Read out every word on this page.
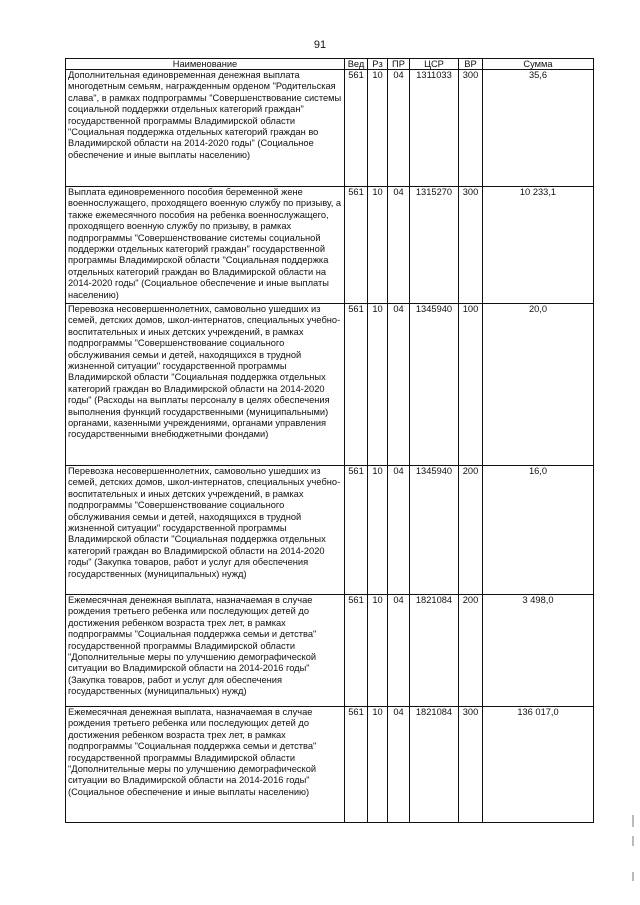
91
Наименование	Вед	Рз	ПР	ЦСР	ВР	Сумма
Дополнительная единовременная денежная выплата многодетным семьям, награжденным орденом "Родительская слава", в рамках подпрограммы "Совершенствование системы социальной поддержки отдельных категорий граждан" государственной программы Владимирской области "Социальная поддержка отдельных категорий граждан во Владимирской области на 2014-2020 годы" (Социальное обеспечение и иные выплаты населению)	561	10	04	1311033	300	35,6
Выплата единовременного пособия беременной жене военнослужащего, проходящего военную службу по призыву, а также ежемесячного пособия на ребенка военнослужащего, проходящего военную службу по призыву, в рамках подпрограммы "Совершенствование системы социальной поддержки отдельных категорий граждан" государственной программы Владимирской области "Социальная поддержка отдельных категорий граждан во Владимирской области на 2014-2020 годы" (Социальное обеспечение и иные выплаты населению)	561	10	04	1315270	300	10 233,1
Перевозка несовершеннолетних, самовольно ушедших из семей, детских домов, школ-интернатов, специальных учебно-воспитательных и иных детских учреждений, в рамках подпрограммы "Совершенствование социального обслуживания семьи и детей, находящихся в трудной жизненной ситуации" государственной программы Владимирской области "Социальная поддержка отдельных категорий граждан во Владимирской области на 2014-2020 годы" (Расходы на выплаты персоналу в целях обеспечения выполнения функций государственными (муниципальными) органами, казенными учреждениями, органами управления государственными внебюджетными фондами)	561	10	04	1345940	100	20,0
Перевозка несовершеннолетних, самовольно ушедших из семей, детских домов, школ-интернатов, специальных учебно-воспитательных и иных детских учреждений, в рамках подпрограммы "Совершенствование социального обслуживания семьи и детей, находящихся в трудной жизненной ситуации" государственной программы Владимирской области "Социальная поддержка отдельных категорий граждан во Владимирской области на 2014-2020 годы" (Закупка товаров, работ и услуг для обеспечения государственных (муниципальных) нужд)	561	10	04	1345940	200	16,0
Ежемесячная денежная выплата, назначаемая в случае рождения третьего ребенка или последующих детей до достижения ребенком возраста трех лет, в рамках подпрограммы "Социальная поддержка семьи и детства" государственной программы Владимирской области "Дополнительные меры по улучшению демографической ситуации во Владимирской области на 2014-2016 годы" (Закупка товаров, работ и услуг для обеспечения государственных (муниципальных) нужд)	561	10	04	1821084	200	3 498,0
Ежемесячная денежная выплата, назначаемая в случае рождения третьего ребенка или последующих детей до достижения ребенком возраста трех лет, в рамках подпрограммы "Социальная поддержка семьи и детства" государственной программы Владимирской области "Дополнительные меры по улучшению демографической ситуации во Владимирской области на 2014-2016 годы" (Социальное обеспечение и иные выплаты населению)	561	10	04	1821084	300	136 017,0
